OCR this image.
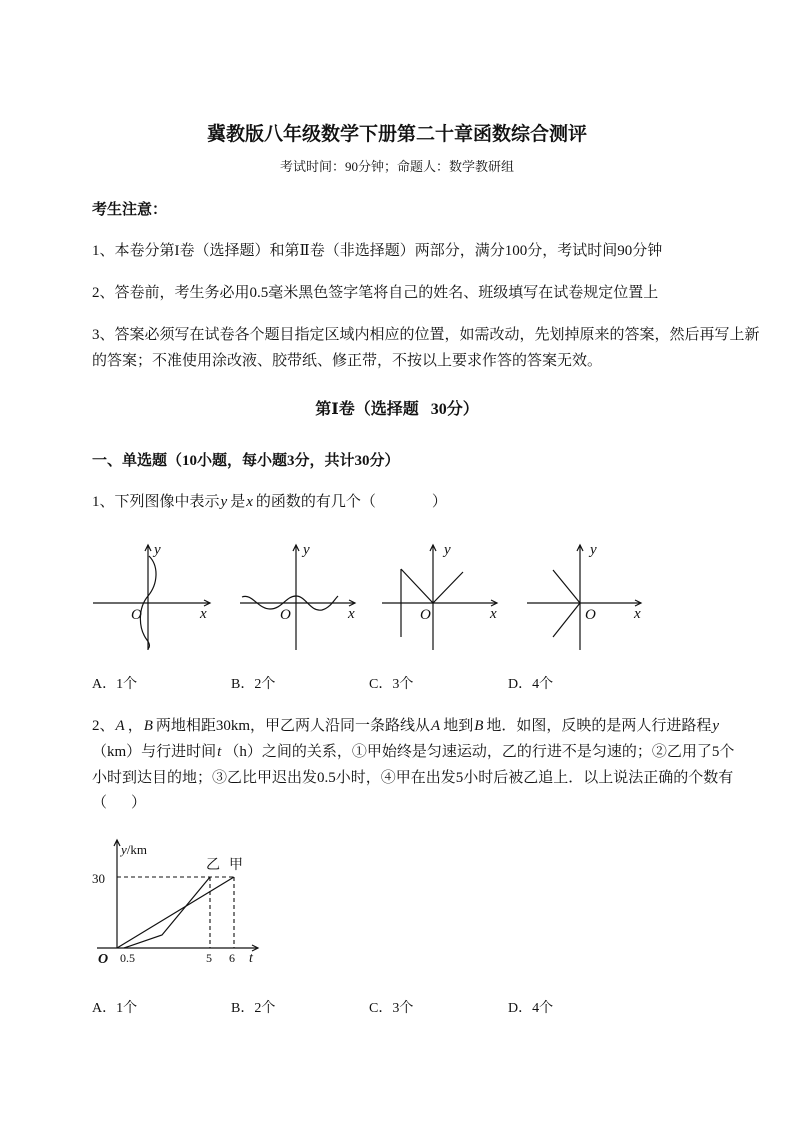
冀教版八年级数学下册第二十章函数综合测评
考试时间：90分钟；命题人：数学教研组
考生注意：
1、本卷分第I卷（选择题）和第Ⅱ卷（非选择题）两部分，满分100分，考试时间90分钟
2、答卷前，考生务必用0.5毫米黑色签字笔将自己的姓名、班级填写在试卷规定位置上
3、答案必须写在试卷各个题目指定区域内相应的位置，如需改动，先划掉原来的答案，然后再写上新
的答案；不准使用涂改液、胶带纸、修正带，不按以上要求作答的答案无效。
第Ⅰ卷（选择题   30分）
一、单选题（10小题，每小题3分，共计30分）
1、下列图像中表示y 是x 的函数的有几个（	）
y
O	x
y
O	x
y
O	x
y
O	x
A．1个	B．2个	C．3个	D．4个
2、A ，B 两地相距30km，甲乙两人沿同一条路线从A 地到B 地．如图，反映的是两人行进路程y
（km）与行进时间t （h）之间的关系，①甲始终是匀速运动，乙的行进不是匀速的；②乙用了5个
小时到达目的地；③乙比甲迟出发0.5小时，④甲在出发5小时后被乙追上．以上说法正确的个数有
（ ）
y/km
30
乙 甲
O 0.5	5 6 t
A．1个	B．2个	C．3个	D．4个
